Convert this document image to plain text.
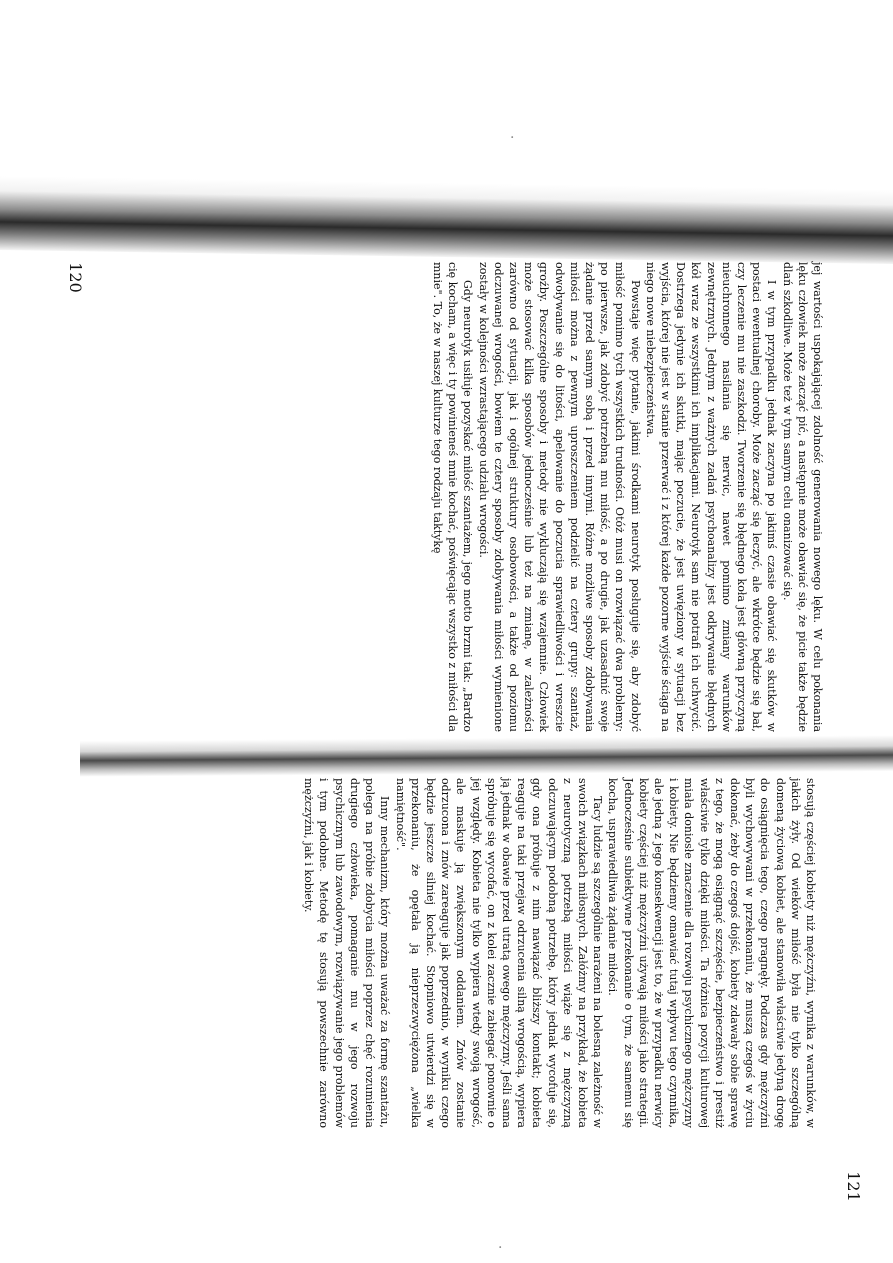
jej wartości uspokajającej zdolność generowania nowego lęku. W celu pokonania lęku człowiek może zacząć pić, a następnie może obawiać się, że picie także będzie dlań szkodliwe. Może też w tym samym celu onanizować się.

I w tym przypadku jednak zaczyna po jakimś czasie obawiać się skutków w postaci ewentualnej choroby. Może zacząć się leczyć, ale wkrótce będzie się bał, czy leczenie mu nie zaszkodzi. Tworzenie się błędnego koła jest główną przyczyną nieuchronnego nasilania się nerwic, nawet pomimo zmiany warunków zewnętrznych. Jednym z ważnych zadań psychoanalizy jest odkrywanie błędnych kół wraz ze wszystkimi ich implikacjami. Neurotyk sam nie potrafi ich uchwycić. Dostrzega jedynie ich skutki, mając poczucie, że jest uwięziony w sytuacji bez wyjścia, której nie jest w stanie przerwać i z której każde pozorne wyjście ściąga na niego nowe niebezpieczeństwa.

Powstaje więc pytanie, jakimi środkami neurotyk posługuje się, aby zdobyć miłość pomimo tych wszystkich trudności. Otóż musi on rozwiązać dwa problemy: po pierwsze, jak zdobyć potrzebną mu miłość, a po drugie, jak uzasadnić swoje żądanie przed samym sobą i przed innymi. Różne możliwe sposoby zdobywania miłości można z pewnym uproszczeniem podzielić na cztery grupy: szantaż, odwoływanie się do litości, apelowanie do poczucia sprawiedliwości i wreszcie groźby. Poszczególne sposoby i metody nie wykluczają się wzajemnie. Człowiek może stosować kilka sposobów jednocześnie lub też na zmianę, w zależności zarówno od sytuacji, jak i ogólnej struktury osobowości, a także od poziomu odczuwanej wrogości, bowiem te cztery sposoby zdobywania miłości wymienione zostały w kolejności wzrastającego udziału wrogości.

Gdy neurotyk usiłuje pozyskać miłość szantażem, jego motto brzmi tak: „Bardzo cię kocham, a więc i ty powinieneś mnie kochać, poświęcając wszystko z miłości dla mnie". To, że w naszej kulturze tego rodzaju taktykę

120

stosują częściej kobiety niż mężczyźni, wynika z warunków, w jakich żyły. Od wieków miłość była nie tylko szczególną domeną życiową kobiet, ale stanowiła właściwie jedyną drogę do osiągnięcia tego, czego pragnęły. Podczas gdy mężczyźni byli wychowywani w przekonaniu, że muszą czegoś w życiu dokonać, żeby do czegoś dojść, kobiety zdawały sobie sprawę z tego, że mogą osiągnąć szczęście, bezpieczeństwo i prestiż właściwie tylko dzięki miłości. Ta różnica pozycji kulturowej miała doniosłe znaczenie dla rozwoju psychicznego mężczyzny i kobiety. Nie będziemy omawiać tutaj wpływu tego czynnika, ale jedną z jego konsekwencji jest to, że w przypadku nerwicy kobiety częściej niż mężczyźni używają miłości jako strategii. Jednocześnie subiektywne przekonanie o tym, że samemu się kocha, usprawiedliwia żądanie miłości.

Tacy ludzie są szczególnie narażeni na bolesną zależność w swoich związkach miłosnych. Załóżmy na przykład, że kobieta z neurotyczną potrzebą miłości wiąże się z mężczyzną odczuwającym podobną potrzebę, który jednak wycofuje się, gdy ona próbuje z nim nawiązać bliższy kontakt; kobieta reaguje na taki przejaw odrzucenia silną wrogością, wypiera ją jednak w obawie przed utratą owego mężczyzny. Jeśli sama spróbuje się wycofać, on z kolei zacznie zabiegać ponownie o jej względy. Kobieta nie tylko wypiera wtedy swoją wrogość, ale maskuje ją zwiększonym oddaniem. Znów zostanie odrzucona i znów zareaguje jak poprzednio, w wyniku czego będzie jeszcze silniej kochać. Stopniowo utwierdzi się w przekonaniu, że opętała ją nieprzezwyciężona „wielka namiętność".

Inny mechanizm, który można uważać za formę szantażu, polega na próbie zdobycia miłości poprzez chęć rozumienia drugiego człowieka, pomaganie mu w jego rozwoju psychicznym lub zawodowym, rozwiązywanie jego problemów i tym podobne. Metodę tę stosują powszechnie zarówno mężczyźni, jak i kobiety.

121
·
·
